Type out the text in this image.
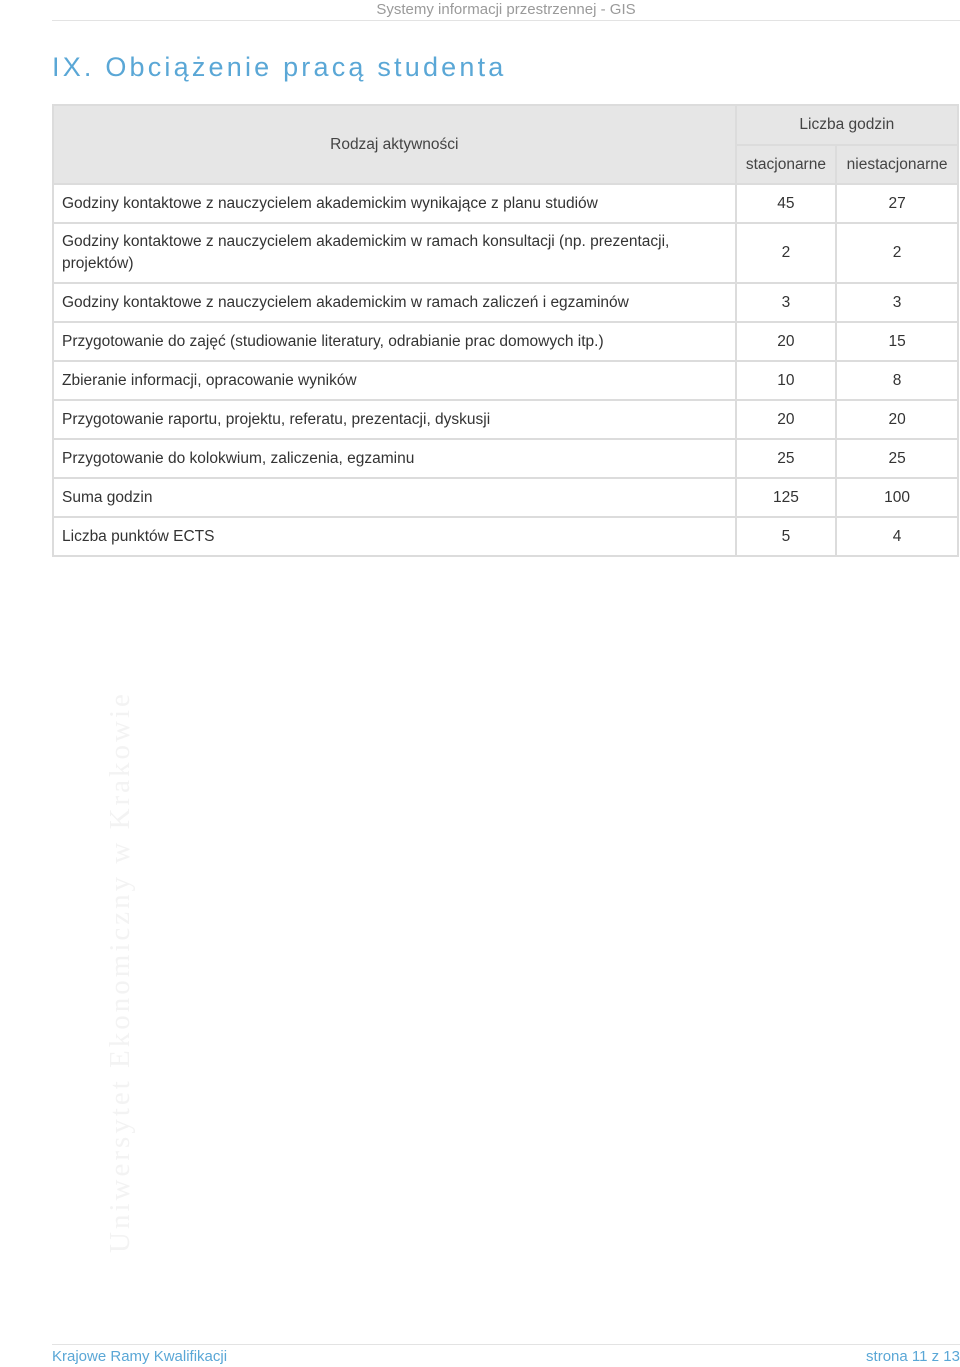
Systemy informacji przestrzennej - GIS
IX. Obciążenie pracą studenta
Rodzaj aktywności	Liczba godzin	
	stacjonarne	niestacjonarne
Godziny kontaktowe z nauczycielem akademickim wynikające z planu studiów	45	27
Godziny kontaktowe z nauczycielem akademickim w ramach konsultacji (np. prezentacji, projektów)	2	2
Godziny kontaktowe z nauczycielem akademickim w ramach zaliczeń i egzaminów	3	3
Przygotowanie do zajęć (studiowanie literatury, odrabianie prac domowych itp.)	20	15
Zbieranie informacji, opracowanie wyników	10	8
Przygotowanie raportu, projektu, referatu, prezentacji, dyskusji	20	20
Przygotowanie do kolokwium, zaliczenia, egzaminu	25	25
Suma godzin	125	100
Liczba punktów ECTS	5	4
Uniwersytet Ekonomiczny w Krakowie
Krajowe Ramy Kwalifikacji	strona 11 z 13
